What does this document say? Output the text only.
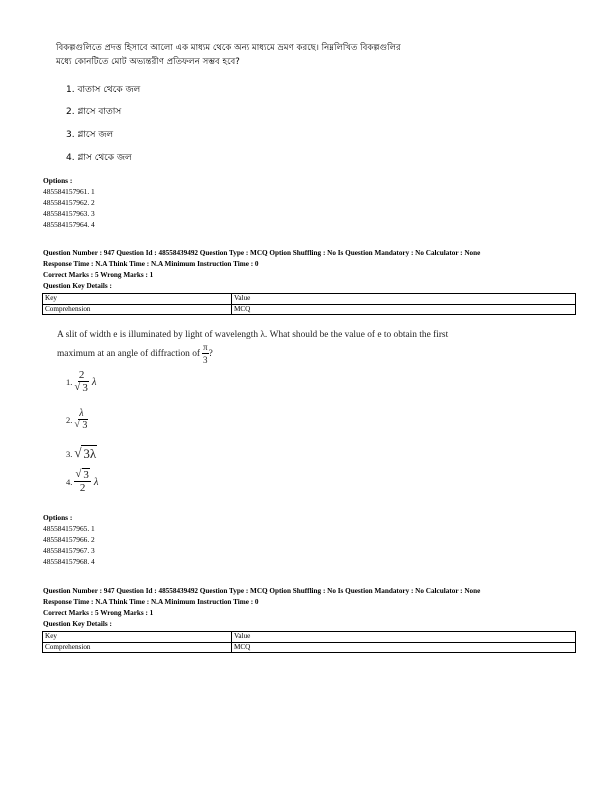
বিকল্পগুলিতে প্রদত্ত হিসাবে আলো এক মাধ্যম থেকে অন্য মাধ্যমে ভ্রমণ করছে। নিম্নলিখিত বিকল্পগুলির
মধ্যে কোনটিতে মোট অভ্যন্তরীণ প্রতিফলন সম্ভব হবে?
1. বাতাস থেকে জল
2. গ্লাসে বাতাস
3. গ্লাসে জল
4. গ্লাস থেকে জল
Options :
485584157961. 1
485584157962. 2
485584157963. 3
485584157964. 4
Question Number : 947 Question Id : 48558439492 Question Type : MCQ Option Shuffling : No Is Question Mandatory : No Calculator : None
Response Time : N.A Think Time : N.A Minimum Instruction Time : 0
Correct Marks : 5 Wrong Marks : 1
Question Key Details :
Key	Value
Comprehension	MCQ
A slit of width e is illuminated by light of wavelength λ. What should be the value of e to obtain the first
maximum at an angle of diffraction of $\frac{\pi}{3}$ ?
1. $\frac{2}{√ 3}$ λ
2. $\frac{\lambda}{√ 3}$
3. √ 3λ
4. $\frac{√ 3}{2}$ λ
Options :
485584157965. 1
485584157966. 2
485584157967. 3
485584157968. 4
Question Number : 947 Question Id : 48558439492 Question Type : MCQ Option Shuffling : No Is Question Mandatory : No Calculator : None
Response Time : N.A Think Time : N.A Minimum Instruction Time : 0
Correct Marks : 5 Wrong Marks : 1
Question Key Details :
Key	Value
Comprehension	MCQ
